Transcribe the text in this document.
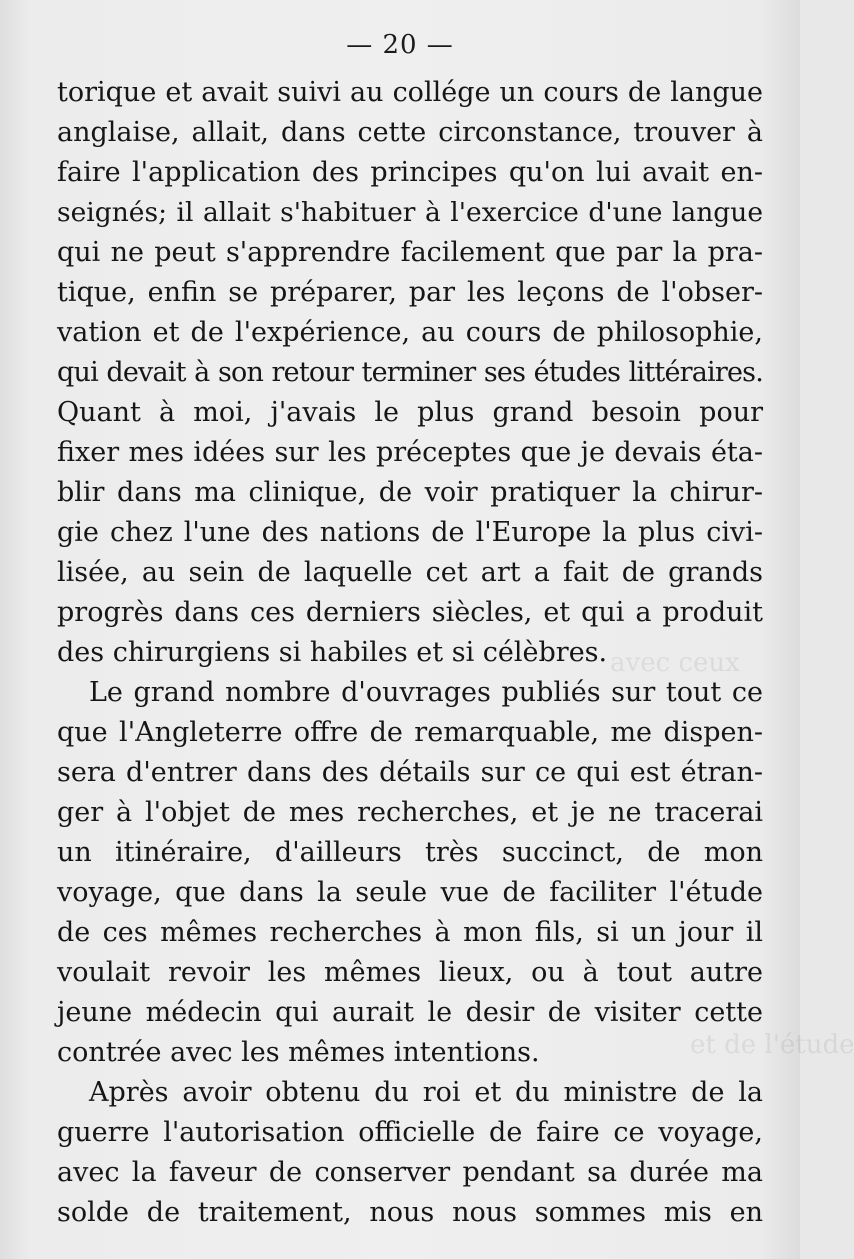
avec ceux
et de l'étude
— 20 —
torique et avait suivi au collége un cours de langue
anglaise, allait, dans cette circonstance, trouver à
faire l'application des principes qu'on lui avait en-
seignés; il allait s'habituer à l'exercice d'une langue
qui ne peut s'apprendre facilement que par la pra-
tique, enfin se préparer, par les leçons de l'obser-
vation et de l'expérience, au cours de philosophie,
qui devait à son retour terminer ses études littéraires.
Quant à moi, j'avais le plus grand besoin pour
fixer mes idées sur les préceptes que je devais éta-
blir dans ma clinique, de voir pratiquer la chirur-
gie chez l'une des nations de l'Europe la plus civi-
lisée, au sein de laquelle cet art a fait de grands
progrès dans ces derniers siècles, et qui a produit
des chirurgiens si habiles et si célèbres.
Le grand nombre d'ouvrages publiés sur tout ce
que l'Angleterre offre de remarquable, me dispen-
sera d'entrer dans des détails sur ce qui est étran-
ger à l'objet de mes recherches, et je ne tracerai
un itinéraire, d'ailleurs très succinct, de mon
voyage, que dans la seule vue de faciliter l'étude
de ces mêmes recherches à mon fils, si un jour il
voulait revoir les mêmes lieux, ou à tout autre
jeune médecin qui aurait le desir de visiter cette
contrée avec les mêmes intentions.
Après avoir obtenu du roi et du ministre de la
guerre l'autorisation officielle de faire ce voyage,
avec la faveur de conserver pendant sa durée ma
solde de traitement, nous nous sommes mis en
